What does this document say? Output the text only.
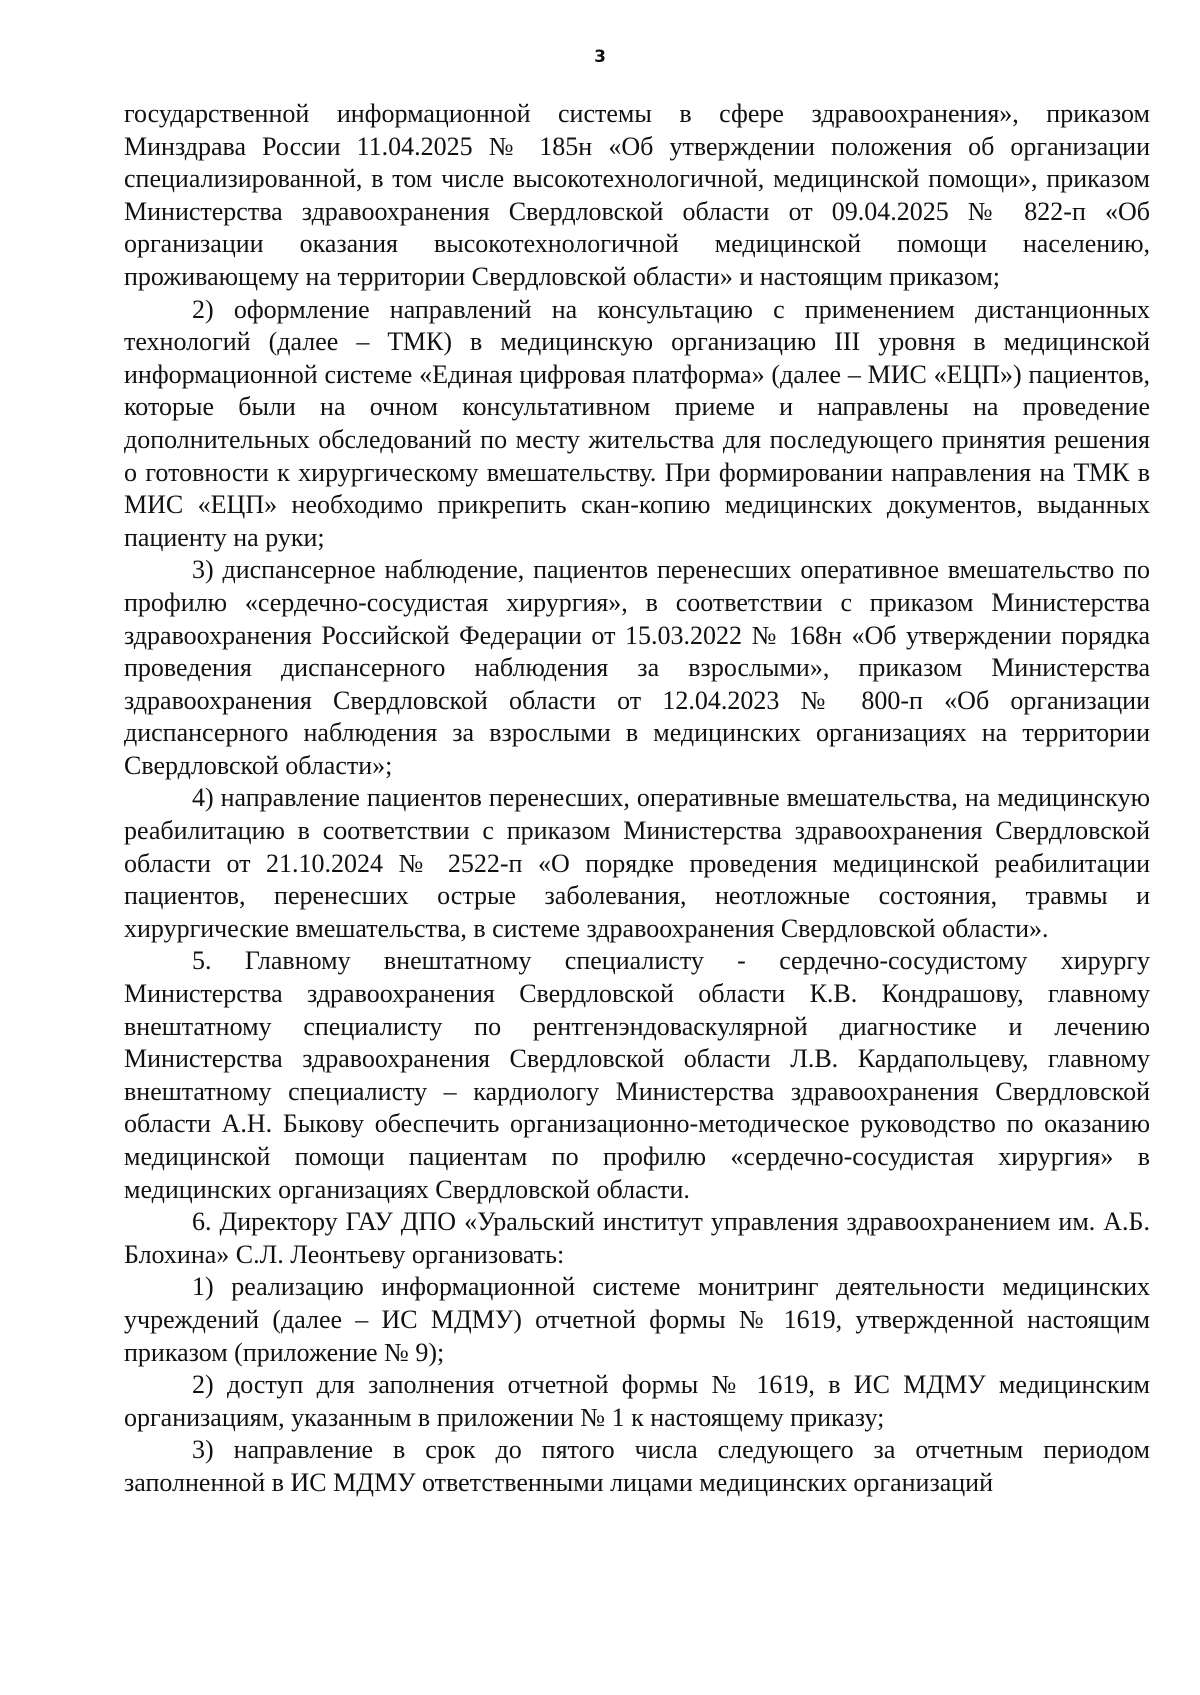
3

государственной информационной системы в сфере здравоохранения», приказом Минздрава России 11.04.2025 № 185н «Об утверждении положения об организации специализированной, в том числе высокотехнологичной, медицинской помощи», приказом Министерства здравоохранения Свердловской области от 09.04.2025 № 822-п «Об организации оказания высокотехнологичной медицинской помощи населению, проживающему на территории Свердловской области» и настоящим приказом;

2) оформление направлений на консультацию с применением дистанционных технологий (далее – ТМК) в медицинскую организацию III уровня в медицинской информационной системе «Единая цифровая платформа» (далее – МИС «ЕЦП») пациентов, которые были на очном консультативном приеме и направлены на проведение дополнительных обследований по месту жительства для последующего принятия решения о готовности к хирургическому вмешательству. При формировании направления на ТМК в МИС «ЕЦП» необходимо прикрепить скан-копию медицинских документов, выданных пациенту на руки;

3) диспансерное наблюдение, пациентов перенесших оперативное вмешательство по профилю «сердечно-сосудистая хирургия», в соответствии с приказом Министерства здравоохранения Российской Федерации от 15.03.2022 № 168н «Об утверждении порядка проведения диспансерного наблюдения за взрослыми», приказом Министерства здравоохранения Свердловской области от 12.04.2023 № 800-п «Об организации диспансерного наблюдения за взрослыми в медицинских организациях на территории Свердловской области»;

4) направление пациентов перенесших, оперативные вмешательства, на медицинскую реабилитацию в соответствии с приказом Министерства здравоохранения Свердловской области от 21.10.2024 № 2522-п «О порядке проведения медицинской реабилитации пациентов, перенесших острые заболевания, неотложные состояния, травмы и хирургические вмешательства, в системе здравоохранения Свердловской области».

5. Главному внештатному специалисту - сердечно-сосудистому хирургу Министерства здравоохранения Свердловской области К.В. Кондрашову, главному внештатному специалисту по рентгенэндоваскулярной диагностике и лечению Министерства здравоохранения Свердловской области Л.В. Кардапольцеву, главному внештатному специалисту – кардиологу Министерства здравоохранения Свердловской области А.Н. Быкову обеспечить организационно-методическое руководство по оказанию медицинской помощи пациентам по профилю «сердечно-сосудистая хирургия» в медицинских организациях Свердловской области.

6. Директору ГАУ ДПО «Уральский институт управления здравоохранением им. А.Б. Блохина» С.Л. Леонтьеву организовать:

1) реализацию информационной системе монитринг деятельности медицинских учреждений (далее – ИС МДМУ) отчетной формы № 1619, утвержденной настоящим приказом (приложение № 9);

2) доступ для заполнения отчетной формы № 1619, в ИС МДМУ медицинским организациям, указанным в приложении № 1 к настоящему приказу;

3) направление в срок до пятого числа следующего за отчетным периодом заполненной в ИС МДМУ ответственными лицами медицинских организаций
